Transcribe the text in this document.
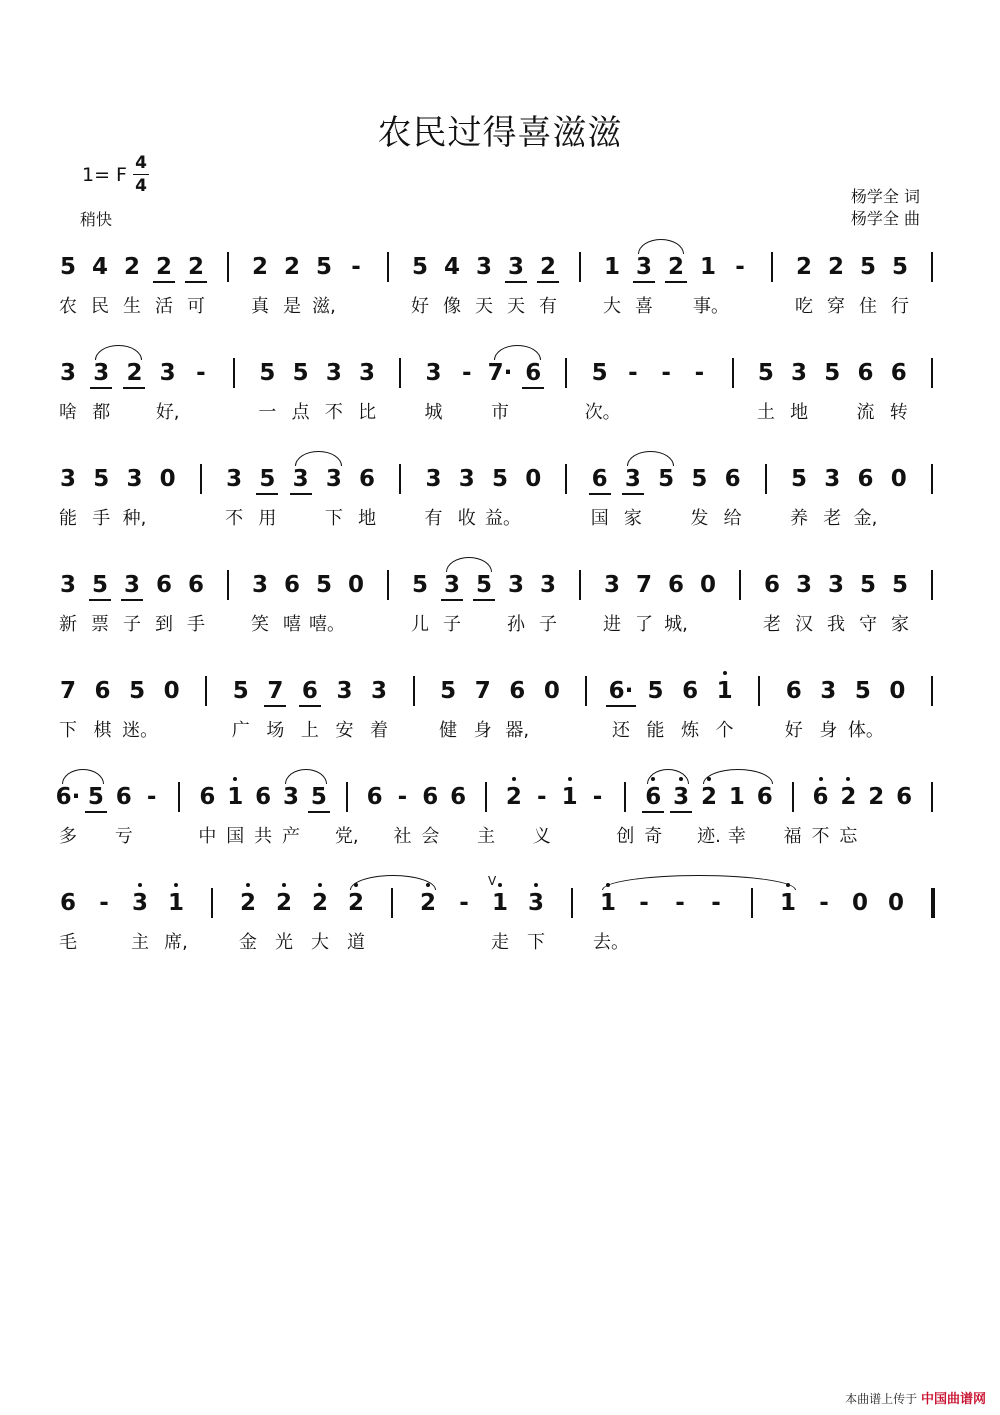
农民过得喜滋滋
1= F
4
4
稍快
杨学全 词
杨学全 曲
5
农
4
民
2
生
2
活
2
可
2
真
2
是
5
滋,
-	5
好
4
像
3
天
3
天
2
有
1
大
3
喜
2 1
事。
-	2
吃
2
穿
5
住
5
行
3
啥
3
都
2 3
好,
-	5
一
5
点
3
不
3
比
3
城
- 7·
市
6	5
次。
-	-	-	5
土
3
地
5 6
流
6
转
3
能
5
手
3
种,
0	3
不
5
用
3 3
下
6
地
3
有
3
收
5
益。
0	6
国
3
家
5 5
发
6
给
5
养
3
老
6
金,
0
3
新
5
票
3
子
6
到
6
手
3
笑
6
嘻
5
嘻。
0	5
儿
3
子
5 3
孙
3
子
3
进
7
了
6
城,
0	6
老
3
汉
3
我
5
守
5
家
7
下
6
棋
5
迷。
0	5
广
7
场
6
上
3
安
3
着
5
健
7
身
6
器,
0	6·
还
5
能
6
炼
1
个
6
好
3
身
5
体。
0
6·
多
5 6
亏
-	6
中
1
国
6
共
3
产
5
党,
6 -
社
6
会
6
主
2 -
义
1 -
创
6
奇
3 2
迹.
1
幸
6
福
6
不
2
忘
2 6
6
毛
-	3
主
1
席,
2
金
2
光
2
大
2
道
2	-	1
走
3
下
1
去。
-	-	-	1	-	0 0
V
本曲谱上传于 中国曲谱网
